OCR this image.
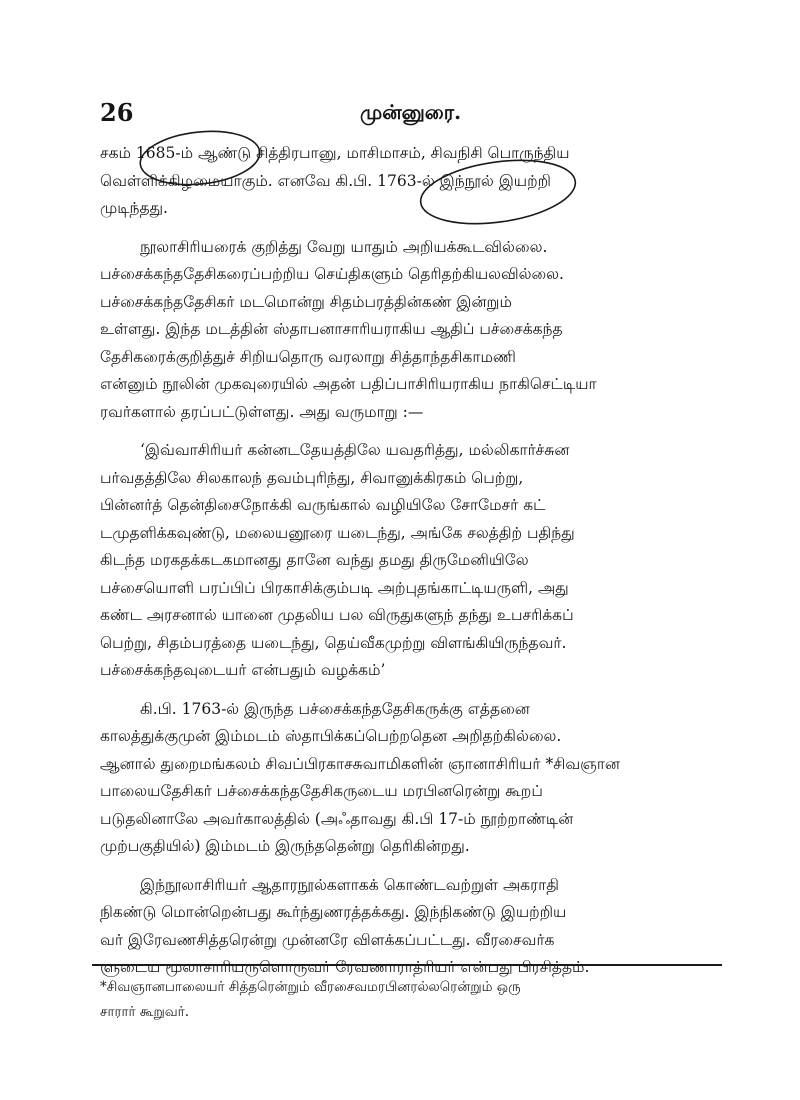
26	முன்னுரை.

சகம் 1685-ம் ஆண்டு சித்திரபானு, மாசிமாசம், சிவநிசி பொருந்திய

வெள்ளிக்கிழமையாகும். எனவே கி.பி. 1763-ல் இந்நூல் இயற்றி

முடிந்தது.

நூலாசிரியரைக் குறித்து வேறு யாதும் அறியக்கூடவில்லை.

பச்சைக்கந்ததேசிகரைப்பற்றிய செய்திகளும் தெரிதற்கியலவில்லை.

பச்சைக்கந்ததேசிகர் மடமொன்று சிதம்பரத்தின்கண் இன்றும்

உள்ளது. இந்த மடத்தின் ஸ்தாபனாசாரியராகிய ஆதிப் பச்சைக்கந்த

தேசிகரைக்குறித்துச் சிறியதொரு வரலாறு சித்தாந்தசிகாமணி

என்னும் நூலின் முகவுரையில் அதன் பதிப்பாசிரியராகிய நாகிசெட்டியா

ரவர்களால் தரப்பட்டுள்ளது. அது வருமாறு :—

‘இவ்வாசிரியர் கன்னடதேயத்திலே யவதரித்து, மல்லிகார்ச்சுன

பர்வதத்திலே சிலகாலந் தவம்புரிந்து, சிவானுக்கிரகம் பெற்று,

பின்னர்த் தென்திசைநோக்கி வருங்கால் வழியிலே சோமேசர் கட்

டமுதளிக்கவுண்டு, மலையனூரை யடைந்து, அங்கே சலத்திற் பதிந்து

கிடந்த மரகதக்கடகமானது தானே வந்து தமது திருமேனியிலே

பச்சையொளி பரப்பிப் பிரகாசிக்கும்படி அற்புதங்காட்டியருளி, அது

கண்ட அரசனால் யானை முதலிய பல விருதுகளுந் தந்து உபசரிக்கப்

பெற்று, சிதம்பரத்தை யடைந்து, தெய்வீகமுற்று விளங்கியிருந்தவர்.

பச்சைக்கந்தவுடையர் என்பதும் வழக்கம்’

கி.பி. 1763-ல் இருந்த பச்சைக்கந்ததேசிகருக்கு எத்தனை

காலத்துக்குமுன் இம்மடம் ஸ்தாபிக்கப்பெற்றதென அறிதற்கில்லை.

ஆனால் துறைமங்கலம் சிவப்பிரகாசசுவாமிகளின் ஞானாசிரியர் *சிவஞான

பாலையதேசிகர் பச்சைக்கந்ததேசிகருடைய மரபினரென்று கூறப்

படுதலினாலே அவர்காலத்தில் (அஃதாவது கி.பி 17-ம் நூற்றாண்டின்

முற்பகுதியில்) இம்மடம் இருந்ததென்று தெரிகின்றது.

இந்நூலாசிரியர் ஆதாரநூல்களாகக் கொண்டவற்றுள் அகராதி

நிகண்டு மொன்றென்பது கூர்ந்துணரத்தக்கது. இந்நிகண்டு இயற்றிய

வர் இரேவணசித்தரென்று முன்னரே விளக்கப்பட்டது. வீரசைவர்க

ளுடைய மூலாசாரியருளொருவர் ரேவணாராத்ரியர் என்பது பிரசித்தம்.

*சிவஞானபாலையர் சித்தரென்றும் வீரசைவமரபினரல்லரென்றும் ஒரு

சாரார் கூறுவர்.
